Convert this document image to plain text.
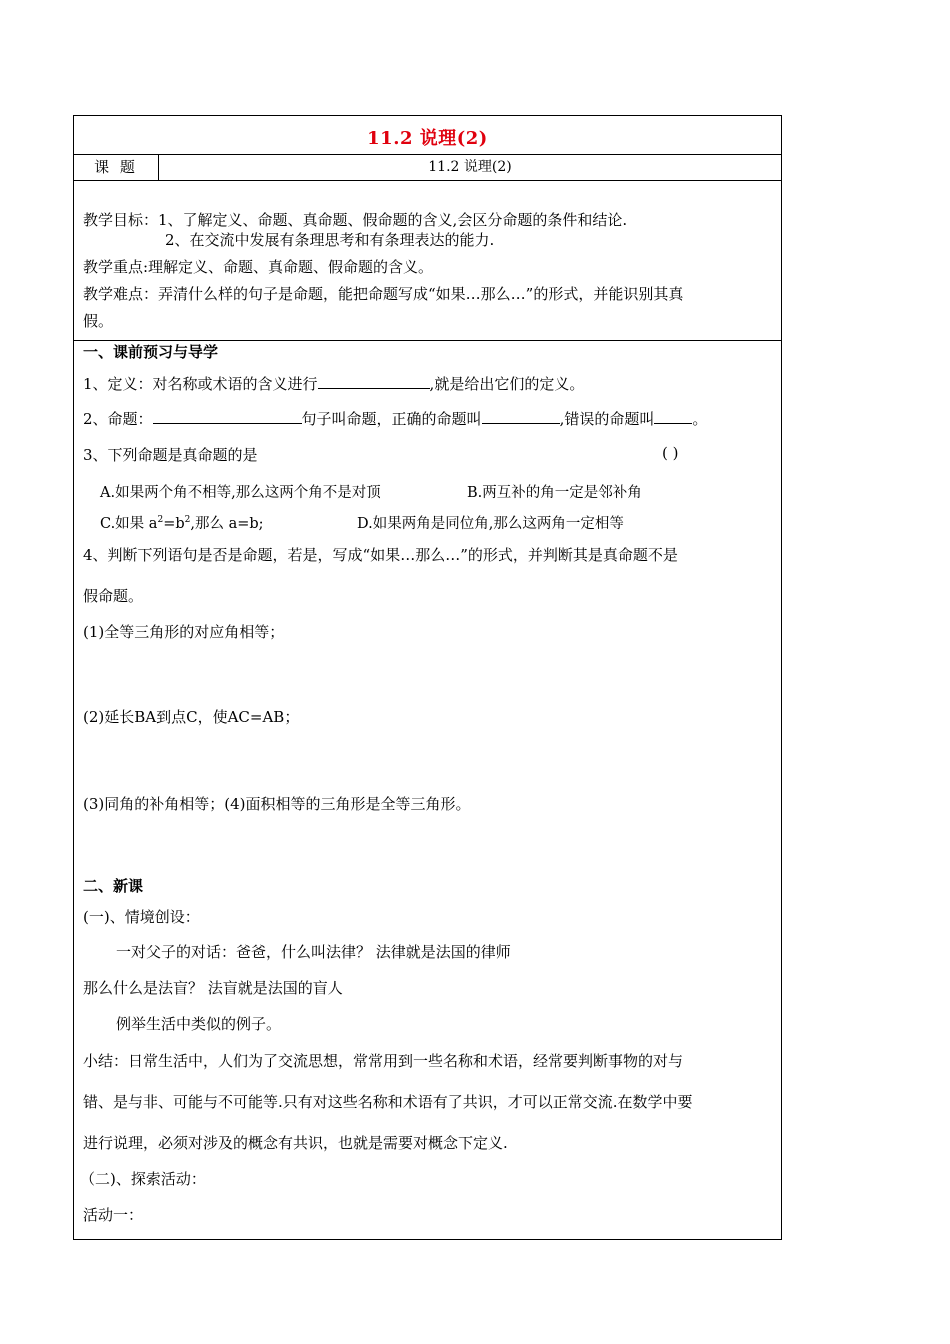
11.2 说理(2)
课 题	11.2 说理(2)
教学目标：1、了解定义、命题、真命题、假命题的含义,会区分命题的条件和结论.
2、在交流中发展有条理思考和有条理表达的能力.
教学重点:理解定义、命题、真命题、假命题的含义。
教学难点：弄清什么样的句子是命题，能把命题写成“如果…那么…”的形式，并能识别其真
假。
一、课前预习与导学
1、定义：对名称或术语的含义进行	,就是给出它们的定义。
2、命题：	句子叫命题，正确的命题叫	,错误的命题叫	。
3、下列命题是真命题的是	( )
A.如果两个角不相等,那么这两个角不是对顶	B.两互补的角一定是邻补角
C.如果 $a^2=b^2$,那么 a=b;	D.如果两角是同位角,那么这两角一定相等
4、判断下列语句是否是命题，若是，写成“如果…那么…”的形式，并判断其是真命题不是
假命题。
(1)全等三角形的对应角相等；
(2)延长BA到点C，使AC=AB；
(3)同角的补角相等；(4)面积相等的三角形是全等三角形。
二、新课
(一)、情境创设：
一对父子的对话：爸爸，什么叫法律？ 法律就是法国的律师
那么什么是法盲？ 法盲就是法国的盲人
例举生活中类似的例子。
小结：日常生活中，人们为了交流思想，常常用到一些名称和术语，经常要判断事物的对与
错、是与非、可能与不可能等.只有对这些名称和术语有了共识，才可以正常交流.在数学中要
进行说理，必须对涉及的概念有共识，也就是需要对概念下定义.
（二)、探索活动：
活动一：
